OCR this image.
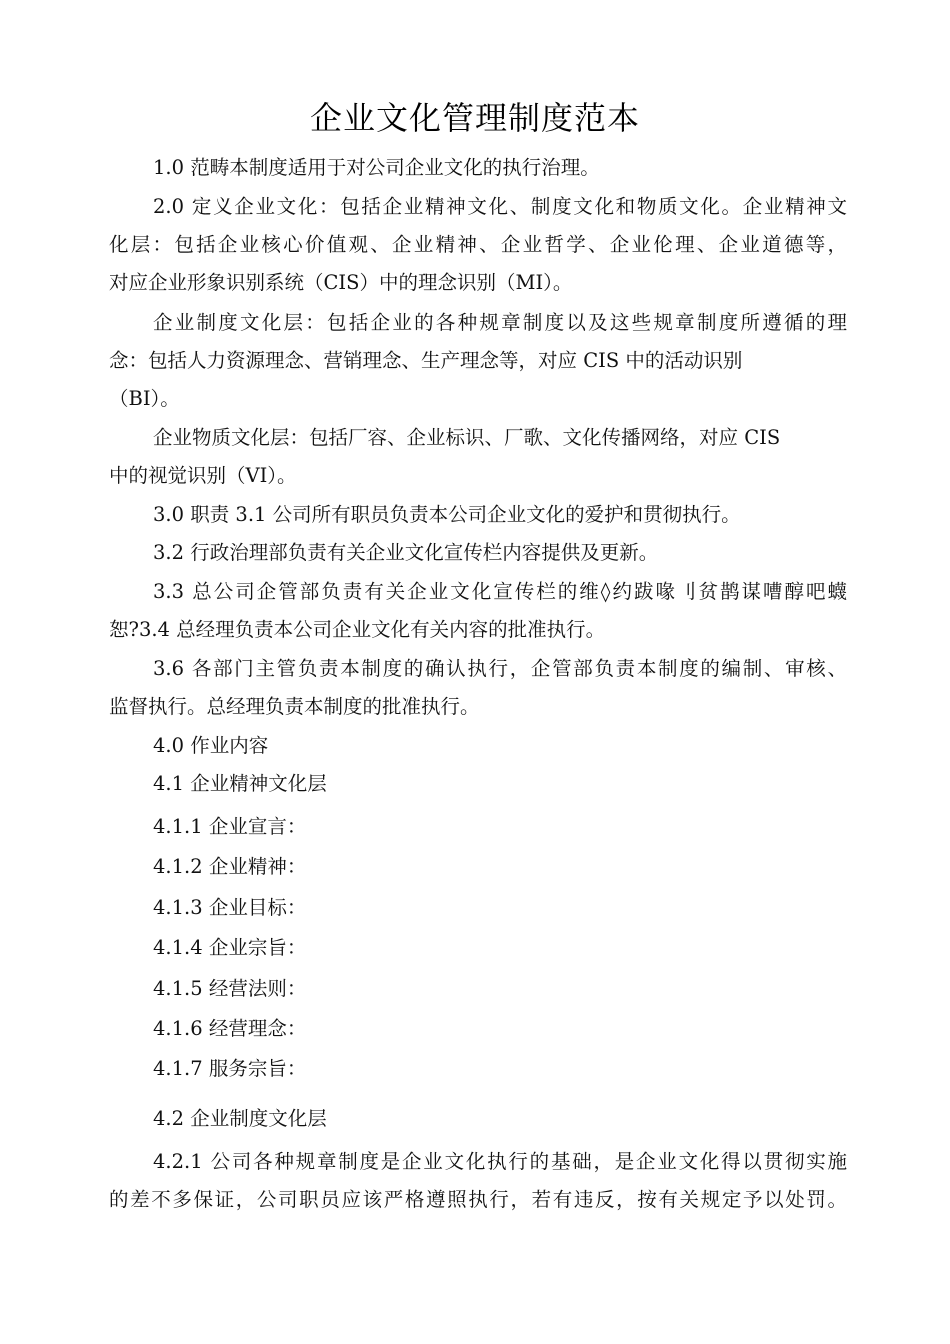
企业文化管理制度范本
1.0 范畴本制度适用于对公司企业文化的执行治理。
2.0 定义企业文化：包括企业精神文化、制度文化和物质文化。企业精神文
化层：包括企业核心价值观、企业精神、企业哲学、企业伦理、企业道德等，
对应企业形象识别系统（CIS）中的理念识别（MI）。
企业制度文化层：包括企业的各种规章制度以及这些规章制度所遵循的理
念：包括人力资源理念、营销理念、生产理念等，对应 CIS 中的活动识别
（BI）。
企业物质文化层：包括厂容、企业标识、厂歌、文化传播网络，对应 CIS
中的视觉识别（VI）。
3.0 职责 3.1 公司所有职员负责本公司企业文化的爱护和贯彻执行。
3.2 行政治理部负责有关企业文化宣传栏内容提供及更新。
3.3 总公司企管部负责有关企业文化宣传栏的维◊约跋喙刂贫鹊谋嘈醇吧蠛
恕?3.4 总经理负责本公司企业文化有关内容的批准执行。
3.6 各部门主管负责本制度的确认执行，企管部负责本制度的编制、审核、
监督执行。总经理负责本制度的批准执行。
4.0 作业内容
4.1 企业精神文化层
4.1.1 企业宣言：
4.1.2 企业精神：
4.1.3 企业目标：
4.1.4 企业宗旨：
4.1.5 经营法则：
4.1.6 经营理念：
4.1.7 服务宗旨：
4.2 企业制度文化层
4.2.1 公司各种规章制度是企业文化执行的基础，是企业文化得以贯彻实施
的差不多保证，公司职员应该严格遵照执行，若有违反，按有关规定予以处罚。
